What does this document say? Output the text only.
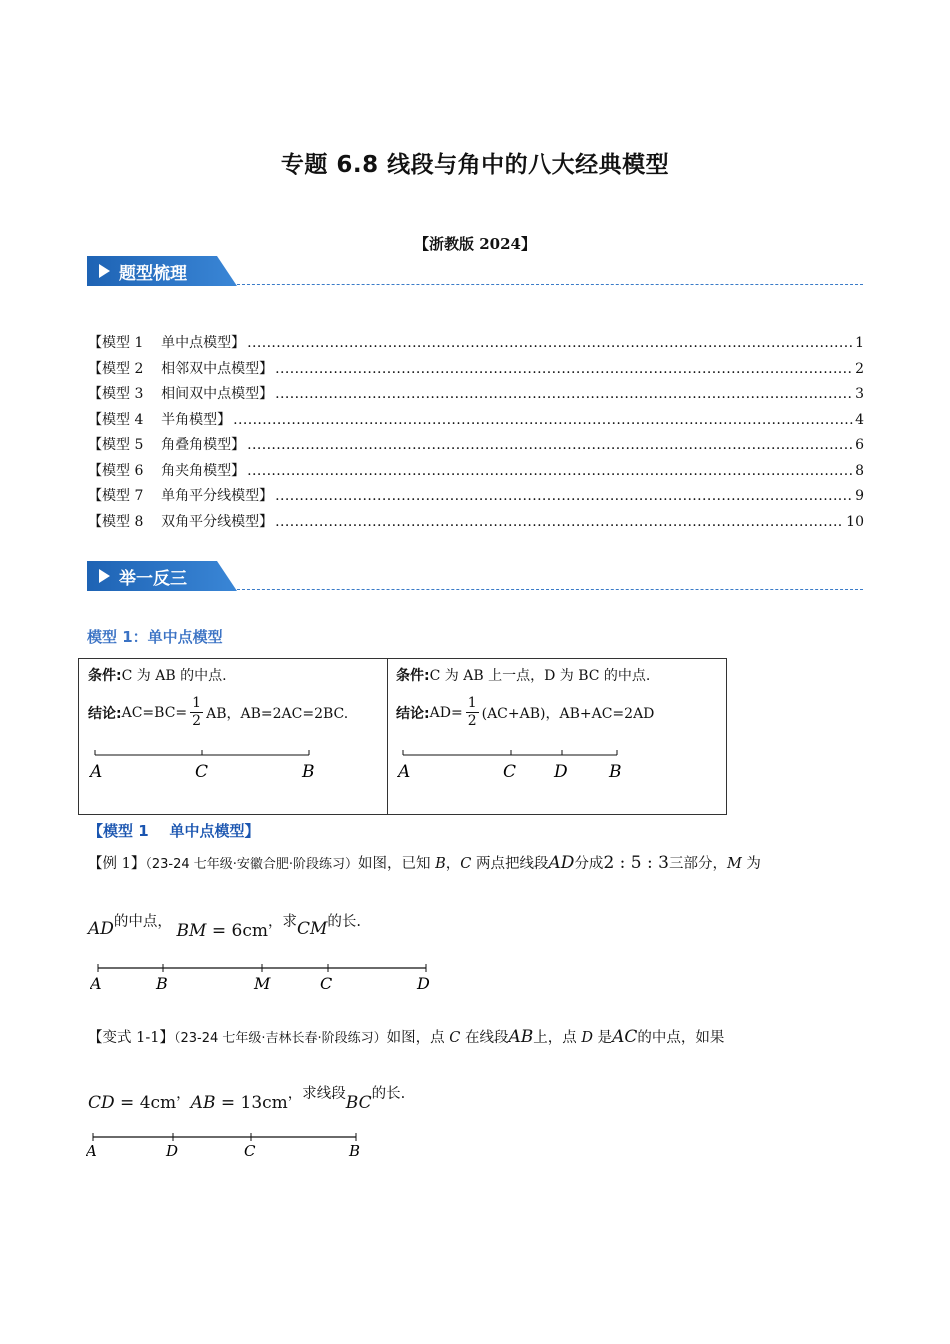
专题 6.8 线段与角中的八大经典模型
【浙教版 2024】
题型梳理
【模型 1    单中点模型】 .....	1
【模型 2    相邻双中点模型】 .....	2
【模型 3    相间双中点模型】 .....	3
【模型 4    半角模型】 .....	4
【模型 5    角叠角模型】 .....	6
【模型 6    角夹角模型】 .....	8
【模型 7    单角平分线模型】 .....	9
【模型 8    双角平分线模型】 .....	10
举一反三
模型 1：单中点模型
条件:C 为 AB 的中点.
结论: $AC=BC= \frac{1}{2}$ AB，AB=2AC=2BC.
A	C	B
条件:C 为 AB 上一点，D 为 BC 的中点.
结论: $AD= \frac{1}{2} (AC+AB)$，AB+AC=2AD
A	C D B
【模型 1    单中点模型】
【例 1】（23-24 七年级·安徽合肥·阶段练习）如图，已知 B，C 两点把线段AD分成2 : 5 : 3三部分，M 为
AD的中点， BM = 6cm，求CM的长.
A	B	M	C	D
【变式 1-1】（23-24 七年级·吉林长春·阶段练习）如图，点 C 在线段AB上，点 D 是AC的中点，如果
CD = 4cm，AB = 13cm，求线段BC的长.
A	D	C	B
